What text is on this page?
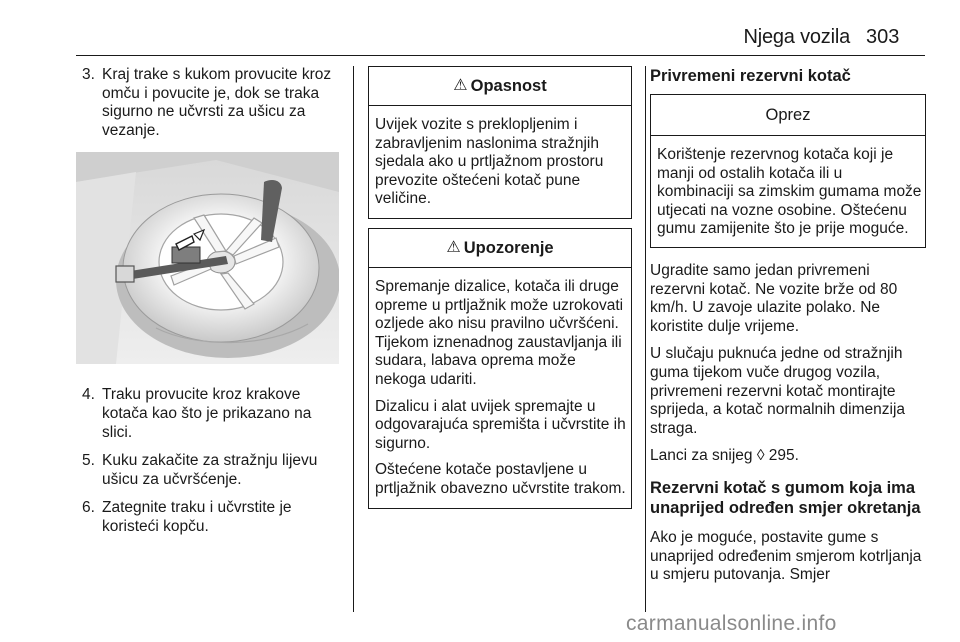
Njega vozila 303
3. Kraj trake s kukom provucite kroz omču i povucite je, dok se traka sigurno ne učvrsti za ušicu za vezanje.
4. Traku provucite kroz krakove kotača kao što je prikazano na slici.
5. Kuku zakačite za stražnju lijevu ušicu za učvršćenje.
6. Zategnite traku i učvrstite je koristeći kopču.
⚠ Opasnost

Uvijek vozite s preklopljenim i zabravljenim naslonima stražnjih sjedala ako u prtljažnom prostoru prevozite oštećeni kotač pune veličine.

⚠ Upozorenje

Spremanje dizalice, kotača ili druge opreme u prtljažnik može uzrokovati ozljede ako nisu pravilno učvršćeni. Tijekom iznenadnog zaustavljanja ili sudara, labava oprema može nekoga udariti.

Dizalicu i alat uvijek spremajte u odgovarajuća spremišta i učvrstite ih sigurno.

Oštećene kotače postavljene u prtljažnik obavezno učvrstite trakom.

Privremeni rezervni kotač
Oprez
Korištenje rezervnog kotača koji je manji od ostalih kotača ili u kombinaciji sa zimskim gumama može utjecati na vozne osobine. Oštećenu gumu zamijenite što je prije moguće.

Ugradite samo jedan privremeni rezervni kotač. Ne vozite brže od 80 km/h. U zavoje ulazite polako. Ne koristite dulje vrijeme.

U slučaju puknuća jedne od stražnjih guma tijekom vuče drugog vozila, privremeni rezervni kotač montirajte sprijeda, a kotač normalnih dimenzija straga.

Lanci za snijeg ◊ 295.

Rezervni kotač s gumom koja ima unaprijed određen smjer okretanja

Ako je moguće, postavite gume s unaprijed određenim smjerom kotrljanja u smjeru putovanja. Smjer

carmanualsonline.info
